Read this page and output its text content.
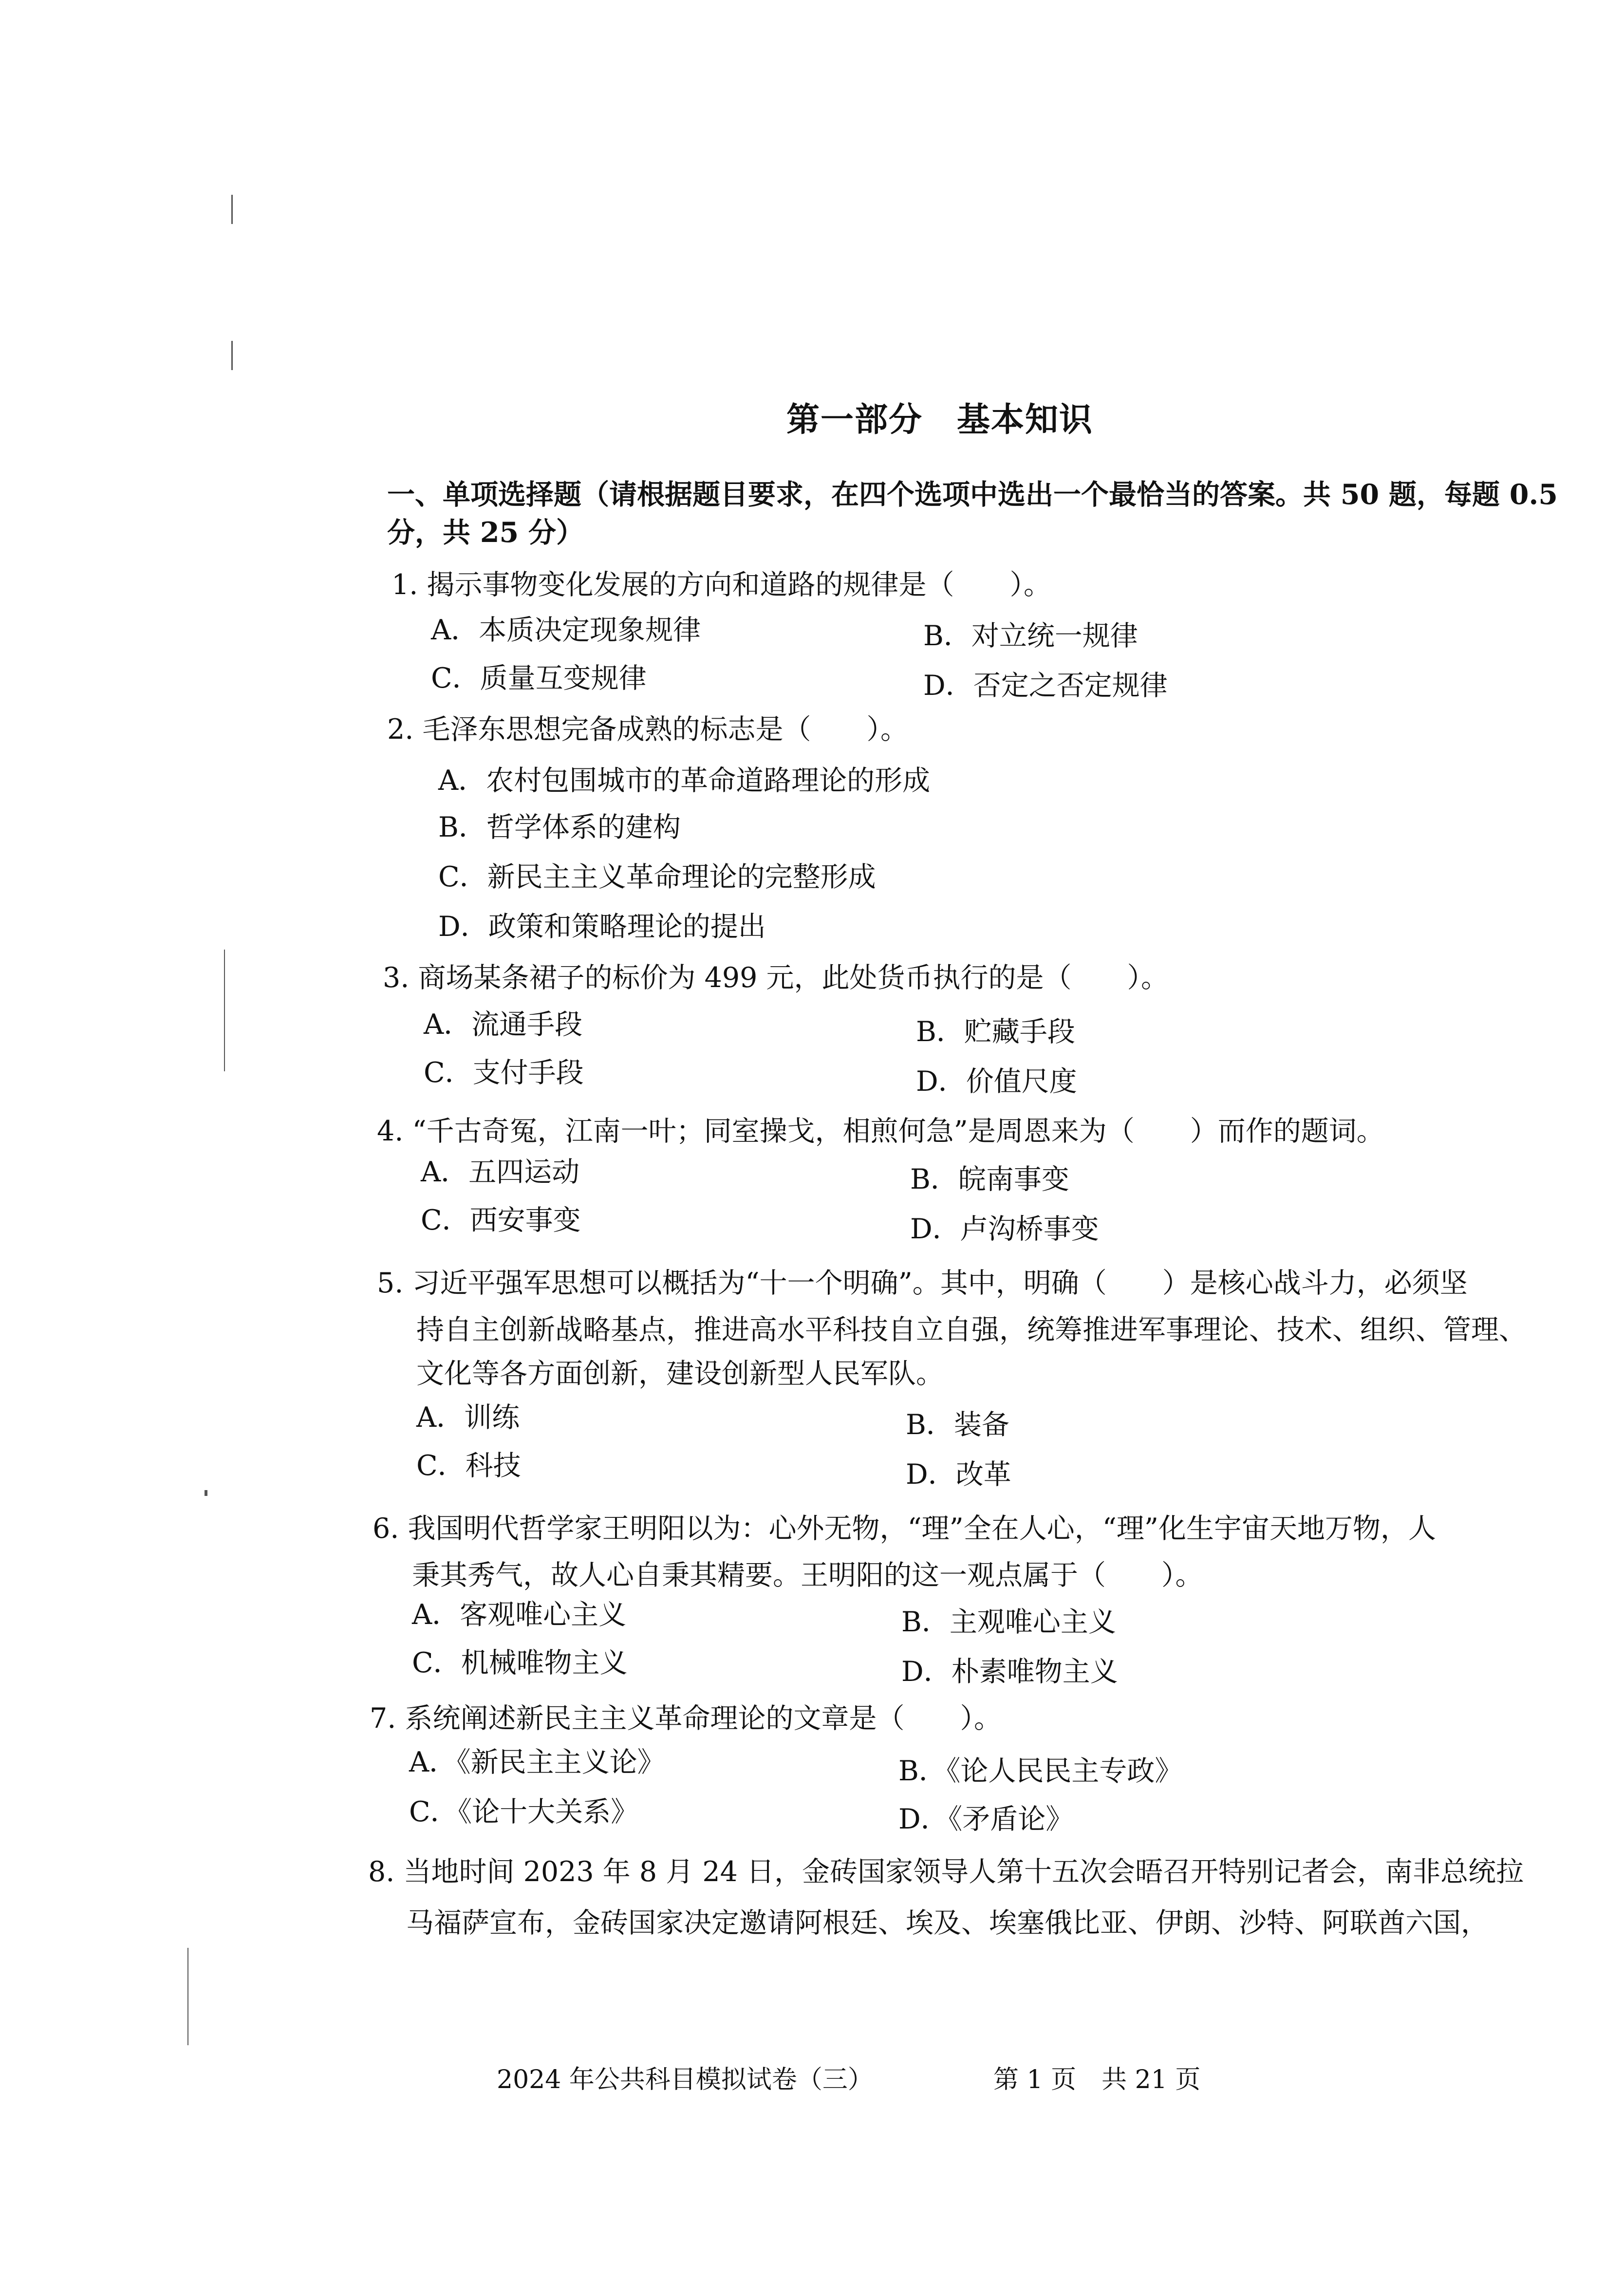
第一部分　基本知识
一、单项选择题（请根据题目要求，在四个选项中选出一个最恰当的答案。共 50 题，每题 0.5
分，共 25 分）
1. 揭示事物变化发展的方向和道路的规律是（　　）。
A．本质决定现象规律	B．对立统一规律
C．质量互变规律	D．否定之否定规律
2. 毛泽东思想完备成熟的标志是（　　）。
A．农村包围城市的革命道路理论的形成
B．哲学体系的建构
C．新民主主义革命理论的完整形成
D．政策和策略理论的提出
3. 商场某条裙子的标价为 499 元，此处货币执行的是（　　）。
A．流通手段	B．贮藏手段
C．支付手段	D．价值尺度
4. “千古奇冤，江南一叶；同室操戈，相煎何急”是周恩来为（　　）而作的题词。
A．五四运动	B．皖南事变
C．西安事变	D．卢沟桥事变
5. 习近平强军思想可以概括为“十一个明确”。其中，明确（　　）是核心战斗力，必须坚
持自主创新战略基点，推进高水平科技自立自强，统筹推进军事理论、技术、组织、管理、
文化等各方面创新，建设创新型人民军队。
A．训练	B．装备
C．科技	D．改革
6. 我国明代哲学家王明阳以为：心外无物，“理”全在人心，“理”化生宇宙天地万物，人
秉其秀气，故人心自秉其精要。王明阳的这一观点属于（　　）。
A．客观唯心主义	B．主观唯心主义
C．机械唯物主义	D．朴素唯物主义
7. 系统阐述新民主主义革命理论的文章是（　　）。
A．《新民主主义论》	B．《论人民民主专政》
C．《论十大关系》	D．《矛盾论》
8. 当地时间 2023 年 8 月 24 日，金砖国家领导人第十五次会晤召开特别记者会，南非总统拉
马福萨宣布，金砖国家决定邀请阿根廷、埃及、埃塞俄比亚、伊朗、沙特、阿联酋六国，
2024 年公共科目模拟试卷（三）	第 1 页　共 21 页
